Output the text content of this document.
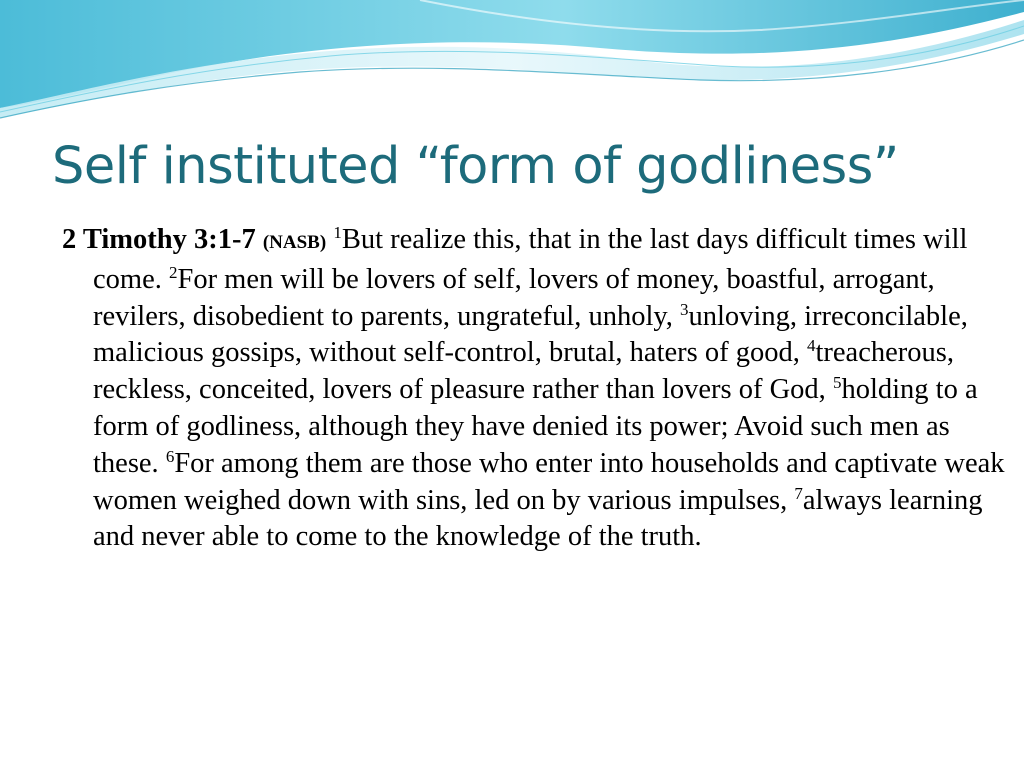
Self instituted “form of godliness”

2 Timothy 3:1-7 (NASB) $^1$But realize this, that in the last days difficult times will come. $^2$For men will be lovers of self, lovers of money, boastful, arrogant, revilers, disobedient to parents, ungrateful, unholy, $^3$unloving, irreconcilable, malicious gossips, without self-control, brutal, haters of good, $^4$treacherous, reckless, conceited, lovers of pleasure rather than lovers of God, $^5$holding to a form of godliness, although they have denied its power; Avoid such men as these. $^6$For among them are those who enter into households and captivate weak women weighed down with sins, led on by various impulses, $^7$always learning and never able to come to the knowledge of the truth.
